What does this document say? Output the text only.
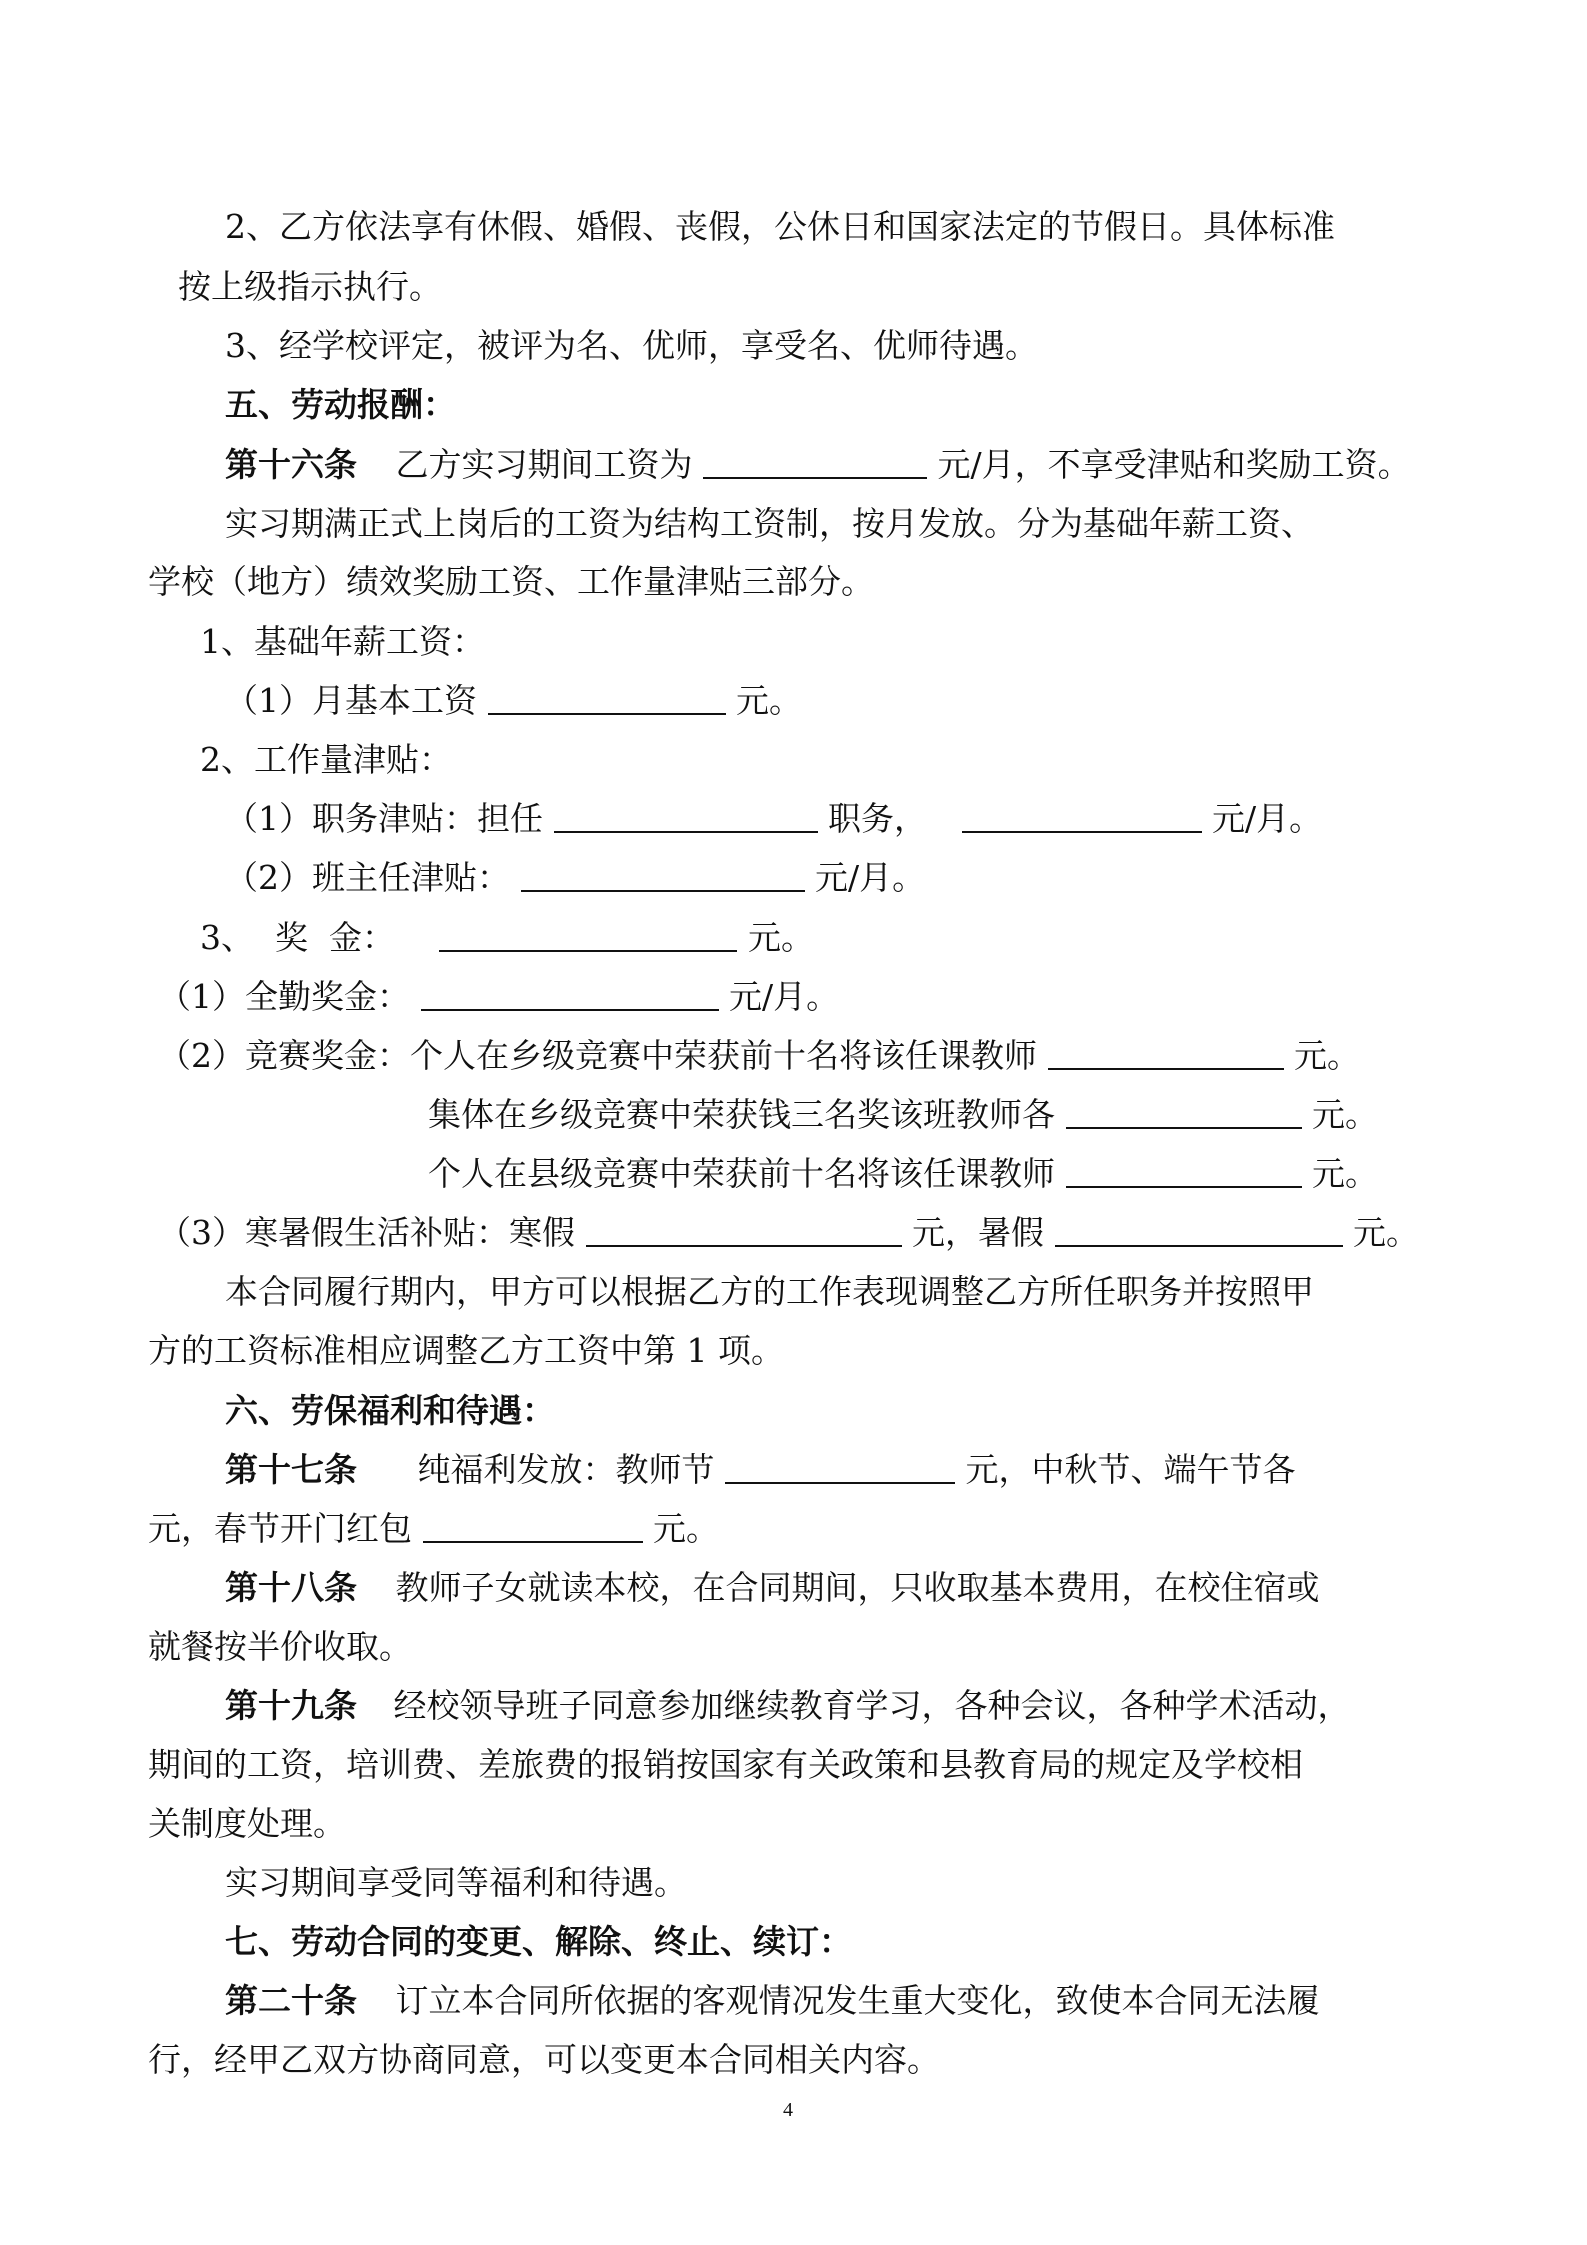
2、乙方依法享有休假、婚假、丧假，公休日和国家法定的节假日。具体标准
按上级指示执行。
3、经学校评定，被评为名、优师，享受名、优师待遇。
五、劳动报酬：
第十六条 乙方实习期间工资为	元/月，不享受津贴和奖励工资。
实习期满正式上岗后的工资为结构工资制，按月发放。分为基础年薪工资、
学校（地方）绩效奖励工资、工作量津贴三部分。
1、基础年薪工资：
（1）月基本工资	元。
2、工作量津贴：
（1）职务津贴：担任	职务，	元/月。
（2）班主任津贴：	元/月。
3、  奖  金：	元。
（1）全勤奖金：	元/月。
（2）竞赛奖金：个人在乡级竞赛中荣获前十名将该任课教师	元。
集体在乡级竞赛中荣获钱三名奖该班教师各	元。
个人在县级竞赛中荣获前十名将该任课教师	元。
（3）寒暑假生活补贴：寒假	元，暑假	元。
本合同履行期内，甲方可以根据乙方的工作表现调整乙方所任职务并按照甲
方的工资标准相应调整乙方工资中第 1 项。
六、劳保福利和待遇：
第十七条 纯福利发放：教师节	元，中秋节、端午节各
元，春节开门红包	元。
第十八条 教师子女就读本校，在合同期间，只收取基本费用，在校住宿或
就餐按半价收取。
第十九条 经校领导班子同意参加继续教育学习，各种会议，各种学术活动，
期间的工资，培训费、差旅费的报销按国家有关政策和县教育局的规定及学校相
关制度处理。
实习期间享受同等福利和待遇。
七、劳动合同的变更、解除、终止、续订：
第二十条 订立本合同所依据的客观情况发生重大变化，致使本合同无法履
行，经甲乙双方协商同意，可以变更本合同相关内容。
4
